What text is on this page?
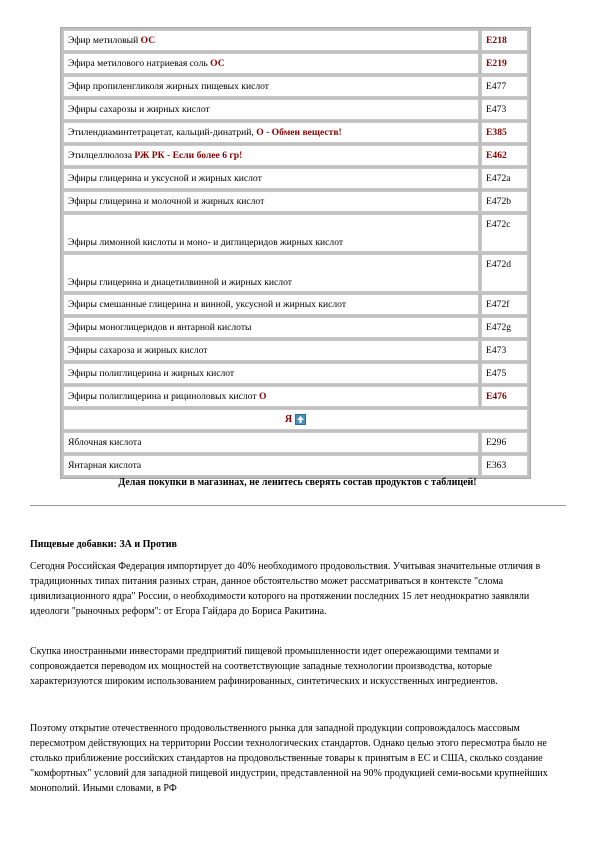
Эфир метиловый ОС	E218
Эфира метилового натриевая соль ОС	E219
Эфир пропиленгликоля жирных пищевых кислот	E477
Эфиры сахарозы и жирных кислот	E473
Этилендиаминтетрацетат, кальций-динатрий, О - Обмен веществ!	E385
Этилцеллюлоза РЖ РК - Если более 6 гр!	E462
Эфиры глицерина и уксусной и жирных кислот	E472a
Эфиры глицерина и молочной и жирных кислот	E472b
Эфиры лимонной кислоты и моно- и диглицеридов жирных кислот	E472c
Эфиры глицерина и диацетилвинной и жирных кислот	E472d
Эфиры смешанные глицерина и винной, уксусной и жирных кислот	E472f
Эфиры моноглицеридов и янтарной кислоты	E472g
Эфиры сахароза и жирных кислот	E473
Эфиры полиглицерина и жирных кислот	E475
Эфиры полиглицерина и рициноловых кислот О	E476
Я	

Яблочная кислота	E296
Янтарная кислота	E363
Делая покупки в магазинах, не ленитесь сверять состав продуктов с таблицей!
Пищевые добавки: ЗА и Против

Сегодня Российская Федерация импортирует до 40% необходимого продовольствия. Учитывая значительные отличия в традиционных типах питания разных стран, данное обстоятельство может рассматриваться в контексте "слома цивилизационного ядра" России, о необходимости которого на протяжении последних 15 лет неоднократно заявляли идеологи "рыночных реформ": от Егора Гайдара до Бориса Ракитина.

Скупка иностранными инвесторами предприятий пищевой промышленности идет опережающими темпами и сопровождается переводом их мощностей на соответствующие западные технологии производства, которые характеризуются широким использованием рафинированных, синтетических и искусственных ингредиентов.

Поэтому открытие отечественного продовольственного рынка для западной продукции сопровождалось массовым пересмотром действующих на территории России технологических стандартов. Однако целью этого пересмотра было не столько приближение российских стандартов на продовольственные товары к принятым в ЕС и США, сколько создание "комфортных" условий для западной пищевой индустрии, представленной на 90% продукцией семи-восьми крупнейших монополий. Иными словами, в РФ
